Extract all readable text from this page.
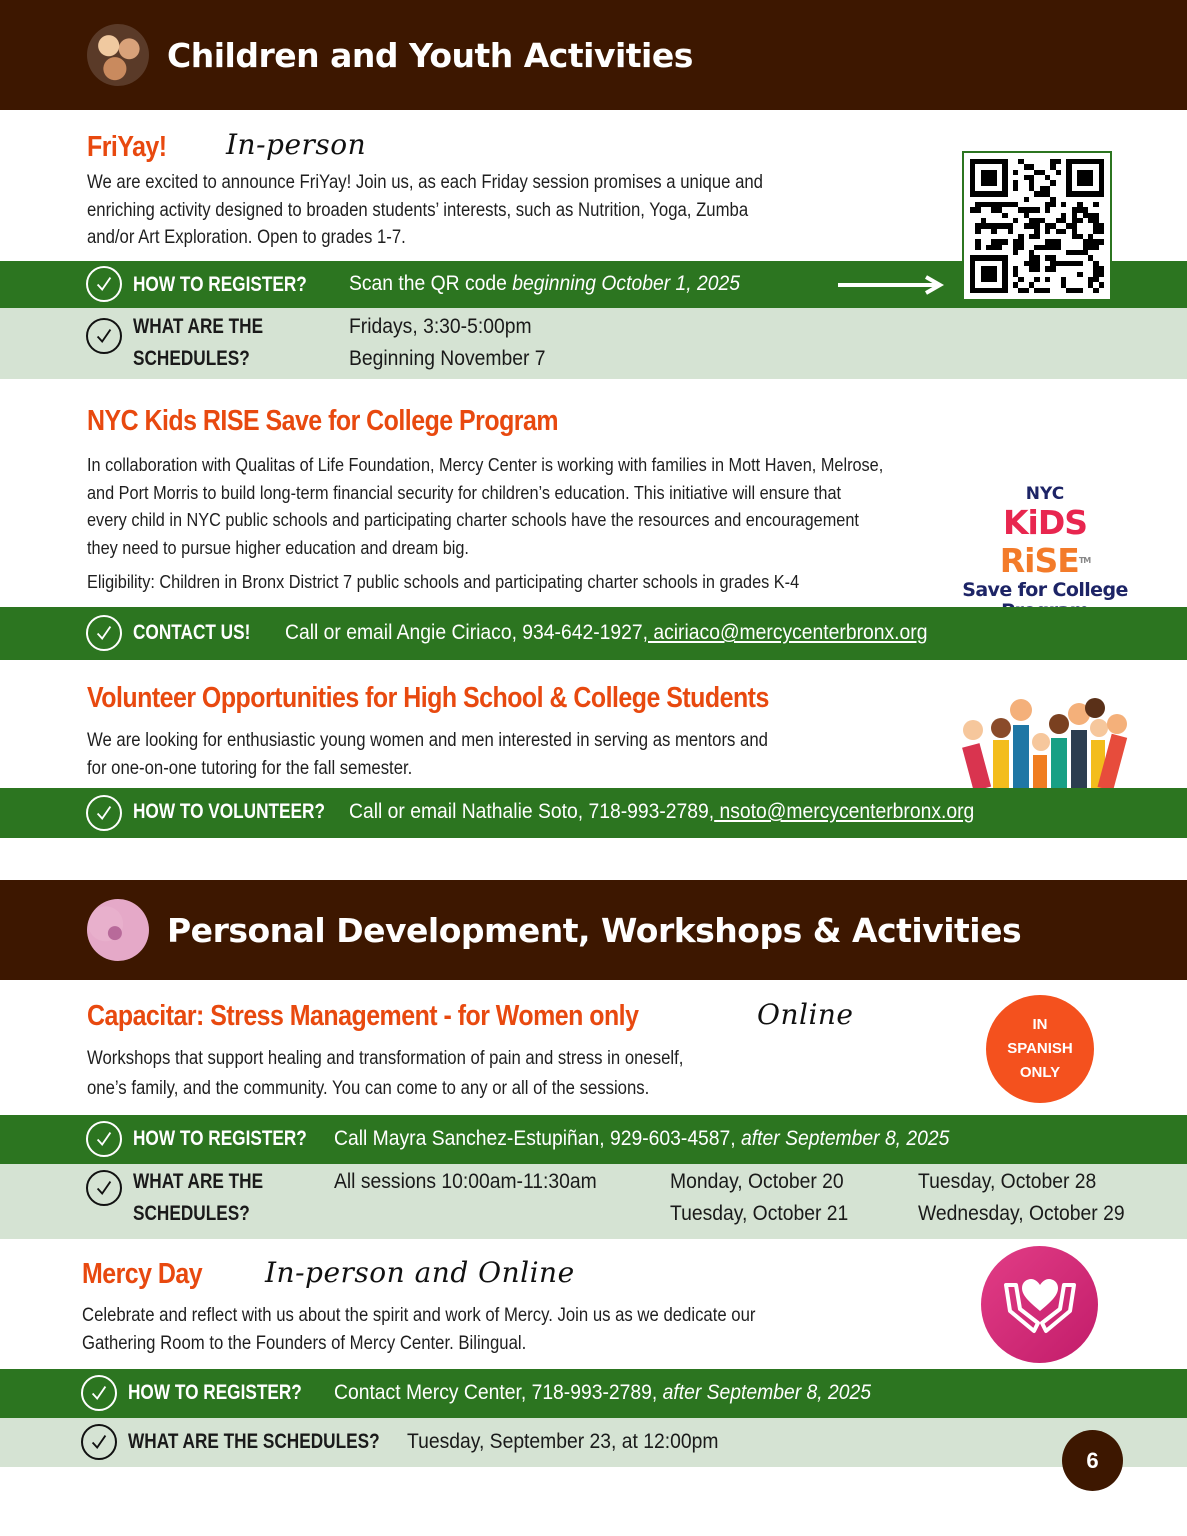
Children and Youth Activities
FriYay! In-person
We are excited to announce FriYay! Join us, as each Friday session promises a unique and
enriching activity designed to broaden students’ interests, such as Nutrition, Yoga, Zumba
and/or Art Exploration. Open to grades 1-7.
HOW TO REGISTER? Scan the QR code beginning October 1, 2025
WHAT ARE THE
SCHEDULES?
Fridays, 3:30-5:00pm
Beginning November 7
NYC Kids RISE Save for College Program
In collaboration with Qualitas of Life Foundation, Mercy Center is working with families in Mott Haven, Melrose,
and Port Morris to build long-term financial security for children’s education. This initiative will ensure that
every child in NYC public schools and participating charter schools have the resources and encouragement
they need to pursue higher education and dream big.
Eligibility: Children in Bronx District 7 public schools and participating charter schools in grades K-4
NYC
KiDS RiSE™
Save for College
CONTACT US! Call or email Angie Ciriaco, 934-642-1927, aciriaco@mercycenterbronx.org
Volunteer Opportunities for High School & College Students
We are looking for enthusiastic young women and men interested in serving as mentors and
for one-on-one tutoring for the fall semester.
HOW TO VOLUNTEER? Call or email Nathalie Soto, 718-993-2789, nsoto@mercycenterbronx.org
Personal Development, Workshops & Activities
Capacitar: Stress Management - for Women only	Online
Workshops that support healing and transformation of pain and stress in oneself,
one’s family, and the community. You can come to any or all of the sessions.
IN
SPANISH
ONLY
HOW TO REGISTER? Call Mayra Sanchez-Estupiñan, 929-603-4587, after September 8, 2025
WHAT ARE THE
SCHEDULES?
All sessions 10:00am-11:30am	Monday, October 20
Tuesday, October 21
Tuesday, October 28
Wednesday, October 29
Mercy Day In-person and Online
Celebrate and reflect with us about the spirit and work of Mercy. Join us as we dedicate our
Gathering Room to the Founders of Mercy Center. Bilingual.
HOW TO REGISTER? Contact Mercy Center, 718-993-2789, after September 8, 2025
WHAT ARE THE SCHEDULES? Tuesday, September 23, at 12:00pm
6
